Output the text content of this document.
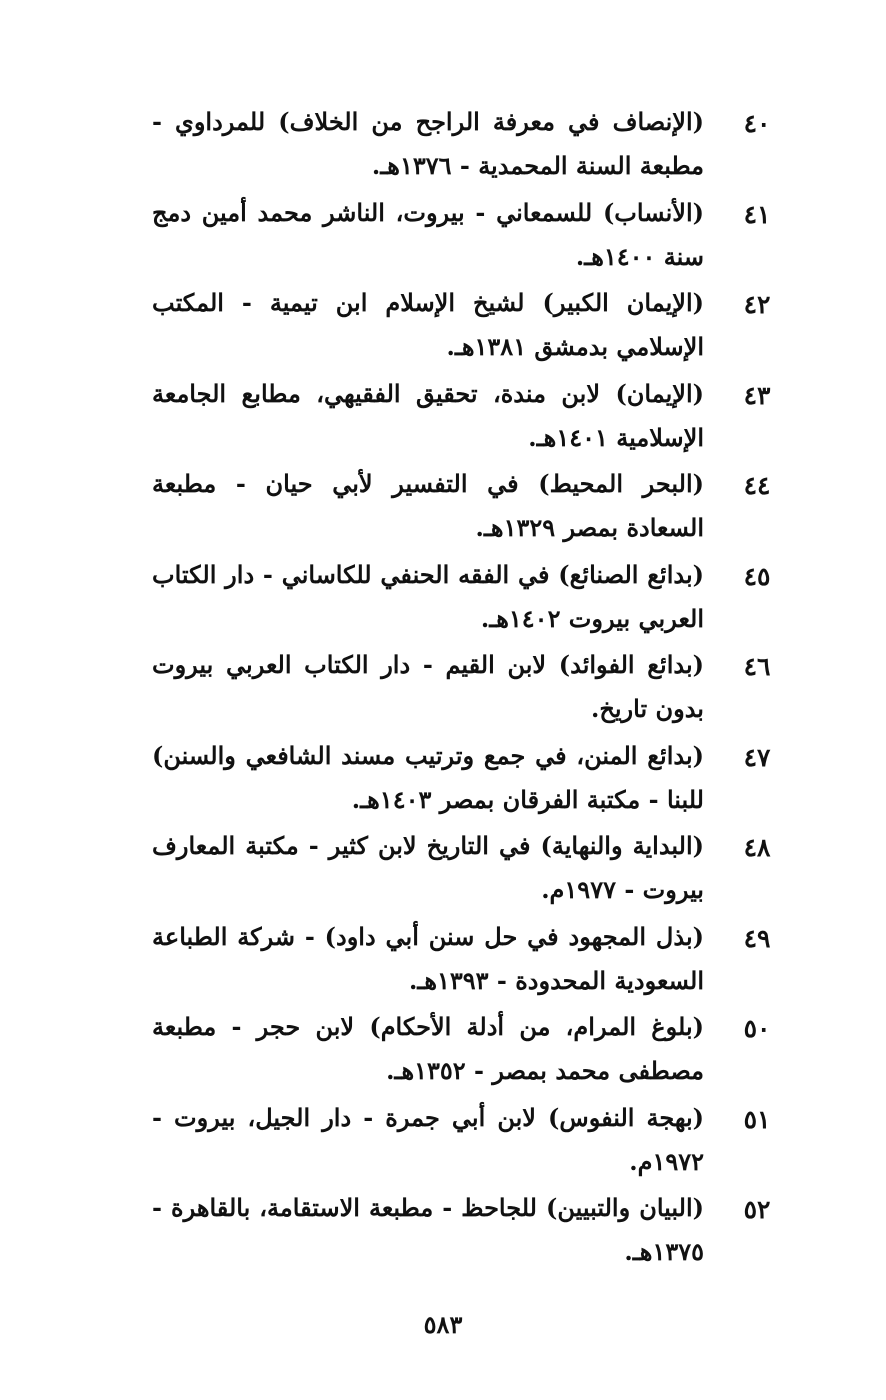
٤٠
(الإنصاف في معرفة الراجح من الخلاف) للمرداوي - مطبعة السنة المحمدية - ١٣٧٦هـ.
٤١
(الأنساب) للسمعاني - بيروت، الناشر محمد أمين دمج سنة ١٤٠٠هـ.
٤٢
(الإيمان الكبير) لشيخ الإسلام ابن تيمية - المكتب الإسلامي بدمشق ١٣٨١هـ.
٤٣
(الإيمان) لابن مندة، تحقيق الفقيهي، مطابع الجامعة الإسلامية ١٤٠١هـ.
٤٤
(البحر المحيط) في التفسير لأبي حيان - مطبعة السعادة بمصر ١٣٢٩هـ.
٤٥
(بدائع الصنائع) في الفقه الحنفي للكاساني - دار الكتاب العربي بيروت ١٤٠٢هـ.
٤٦
(بدائع الفوائد) لابن القيم - دار الكتاب العربي بيروت بدون تاريخ.
٤٧
(بدائع المنن، في جمع وترتيب مسند الشافعي والسنن) للبنا - مكتبة الفرقان بمصر ١٤٠٣هـ.
٤٨
(البداية والنهاية) في التاريخ لابن كثير - مكتبة المعارف بيروت - ١٩٧٧م.
٤٩
(بذل المجهود في حل سنن أبي داود) - شركة الطباعة السعودية المحدودة - ١٣٩٣هـ.
٥٠
(بلوغ المرام، من أدلة الأحكام) لابن حجر - مطبعة مصطفى محمد بمصر - ١٣٥٢هـ.
٥١
(بهجة النفوس) لابن أبي جمرة - دار الجيل، بيروت - ١٩٧٢م.
٥٢
(البيان والتبيين) للجاحظ - مطبعة الاستقامة، بالقاهرة - ١٣٧٥هـ.
٥٨٣
